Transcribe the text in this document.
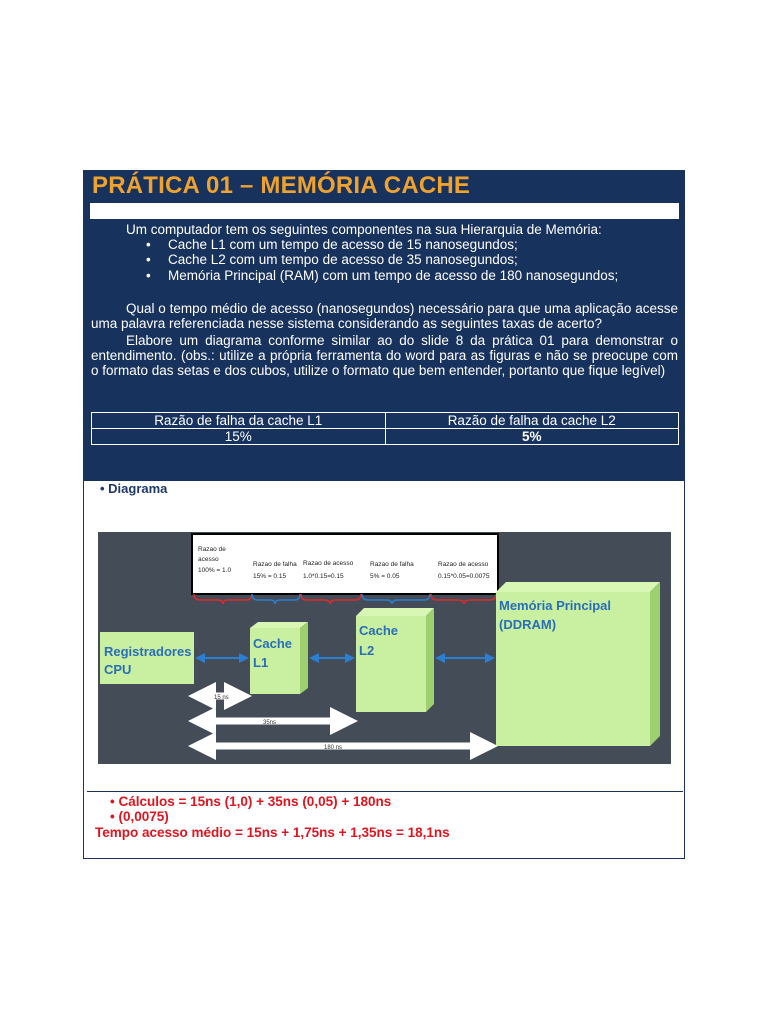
PRÁTICA 01 – MEMÓRIA CACHE
Um computador tem os seguintes componentes na sua Hierarquia de Memória:
• Cache L1 com um tempo de acesso de 15 nanosegundos;
• Cache L2 com um tempo de acesso de 35 nanosegundos;
• Memória Principal (RAM) com um tempo de acesso de 180 nanosegundos;
Qual o tempo médio de acesso (nanosegundos) necessário para que uma aplicação acesse uma palavra referenciada nesse sistema considerando as seguintes taxas de acerto?
Elabore um diagrama conforme similar ao do slide 8 da prática 01 para demonstrar o entendimento. (obs.: utilize a própria ferramenta do word para as figuras e não se preocupe com o formato das setas e dos cubos, utilize o formato que bem entender, portanto que fique legível)
Razão de falha da cache L1	Razão de falha da cache L2
15%	5%
• Diagrama
Razao de
acesso
100% = 1.0
Razao de falha
15% = 0.15
Razao de acesso
1.0*0.15=0.15
Razao de falha
5% = 0.05
Razao de acesso
0.15*0.05=0.0075
Registradores
CPU
Cache
L1
Cache
L2
Memória Principal
(DDRAM)
15 ns
35ns
180 ns
• Cálculos = 15ns (1,0) + 35ns (0,05) + 180ns
• (0,0075)
Tempo acesso médio = 15ns + 1,75ns + 1,35ns = 18,1ns
